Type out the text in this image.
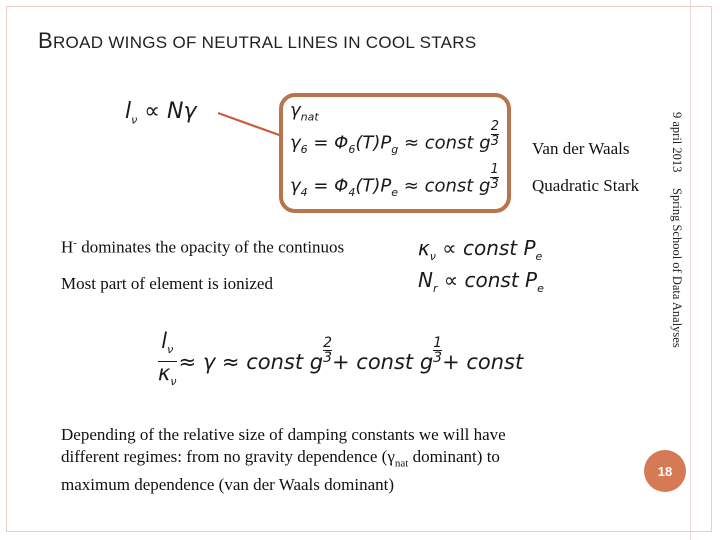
BROAD WINGS OF NEUTRAL LINES IN COOL STARS
$l_\nu \propto N\gamma$	$\gamma_{nat}$
$\gamma_6 = \Phi_6(T)P_g$ ≈ const g $\frac{2}{3}$
$\gamma_4 = \Phi_4(T)P_e$ ≈ const g $\frac{1}{3}$
Van der Waals
Quadratic Stark
H- dominates the opacity of the continuos
Most part of element is ionized
$\kappa_\nu$ ∝ const $P_e$
$N_r$ ∝ const $P_e$
$l_\nu$
$\kappa_\nu$
≈ γ ≈ const g $\frac{2}{3}$ + const g $\frac{1}{3}$ + const
Depending of the relative size of damping constants we will have
different regimes: from no gravity dependence ($\gamma_{nat}$ dominant) to
maximum dependence (van der Waals dominant)
9 april 2013
Spring School of Data Analyses
18
